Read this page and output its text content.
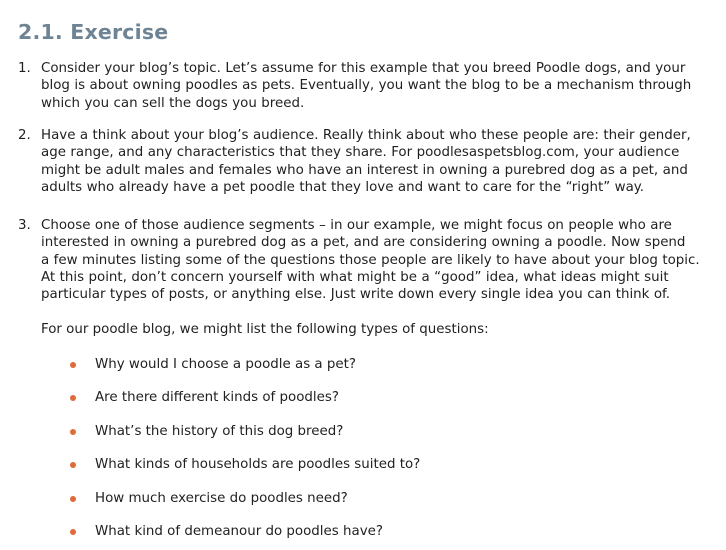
2.1. Exercise
1. Consider your blog’s topic. Let’s assume for this example that you breed Poodle dogs, and your
blog is about owning poodles as pets. Eventually, you want the blog to be a mechanism through
which you can sell the dogs you breed.
2. Have a think about your blog’s audience. Really think about who these people are: their gender,
age range, and any characteristics that they share. For poodlesaspetsblog.com, your audience
might be adult males and females who have an interest in owning a purebred dog as a pet, and
adults who already have a pet poodle that they love and want to care for the “right” way.
3. Choose one of those audience segments – in our example, we might focus on people who are
interested in owning a purebred dog as a pet, and are considering owning a poodle. Now spend
a few minutes listing some of the questions those people are likely to have about your blog topic.
At this point, don’t concern yourself with what might be a “good” idea, what ideas might suit
particular types of posts, or anything else. Just write down every single idea you can think of.

For our poodle blog, we might list the following types of questions:

Why would I choose a poodle as a pet?
Are there different kinds of poodles?
What’s the history of this dog breed?
What kinds of households are poodles suited to?
How much exercise do poodles need?
What kind of demeanour do poodles have?
